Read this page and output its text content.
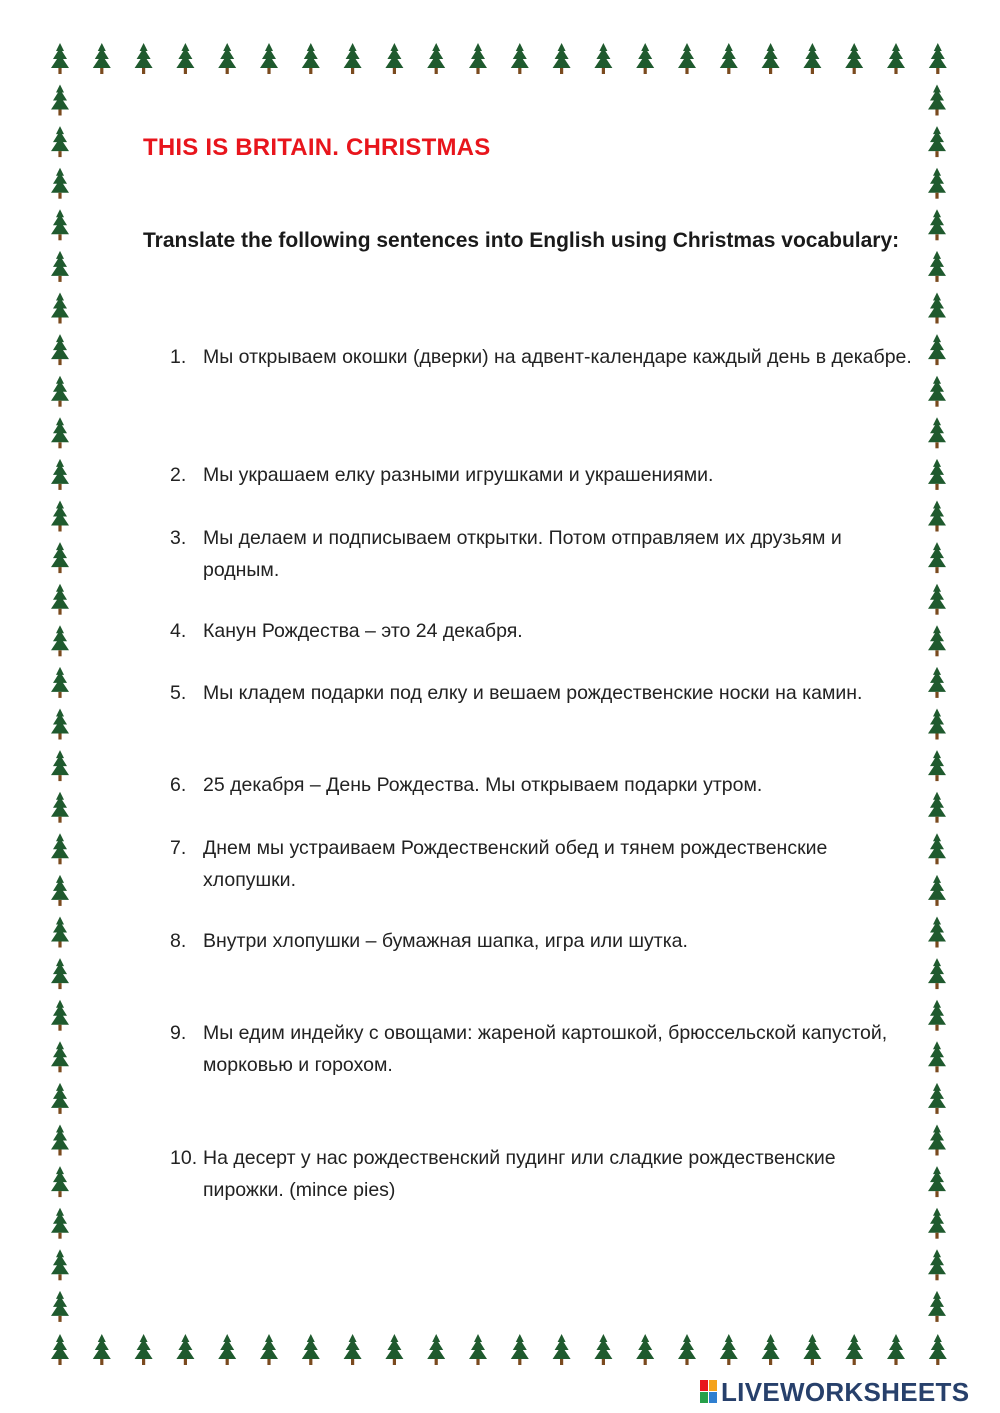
THIS IS BRITAIN. CHRISTMAS

Translate the following sentences into English using Christmas vocabulary:

1. Мы открываем окошки (дверки) на адвент-календаре каждый день в декабре.
2. Мы украшаем елку разными игрушками и украшениями.
3. Мы делаем и подписываем открытки. Потом отправляем их друзьям и родным.
4. Канун Рождества – это 24 декабря.
5. Мы кладем подарки под елку и вешаем рождественские носки на камин.
6. 25 декабря – День Рождества. Мы открываем подарки утром.
7. Днем мы устраиваем Рождественский обед и тянем рождественские хлопушки.
8. Внутри хлопушки – бумажная шапка, игра или шутка.
9. Мы едим индейку с овощами: жареной картошкой, брюссельской капустой, морковью и горохом.
10. На десерт у нас рождественский пудинг или сладкие рождественские пирожки. (mince pies)
LIVEWORKSHEETS
